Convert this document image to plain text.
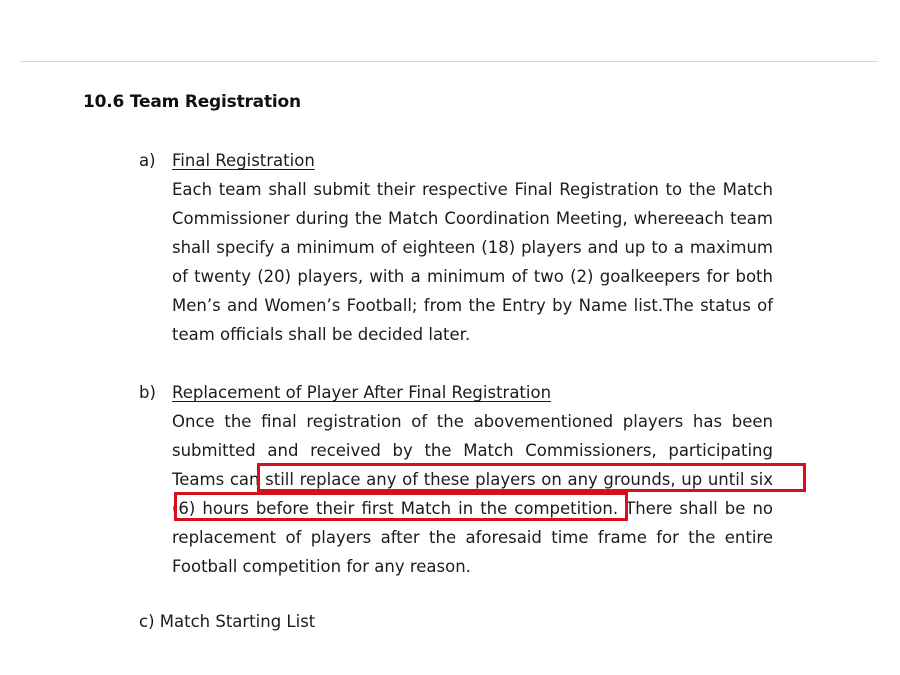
10.6 Team Registration
a) Final Registration
Each team shall submit their respective Final Registration to the Match
Commissioner during the Match Coordination Meeting, whereeach team
shall specify a minimum of eighteen (18) players and up to a maximum
of twenty (20) players, with a minimum of two (2) goalkeepers for both
Men’s and Women’s Football; from the Entry by Name list.The status of
team officials shall be decided later.
b) Replacement of Player After Final Registration
Once the final registration of the abovementioned players has been
submitted and received by the Match Commissioners, participating
Teams can still replace any of these players on any grounds, up until six
(6) hours before their first Match in the competition. There shall be no
replacement of players after the aforesaid time frame for the entire
Football competition for any reason.
c) Match Starting List
